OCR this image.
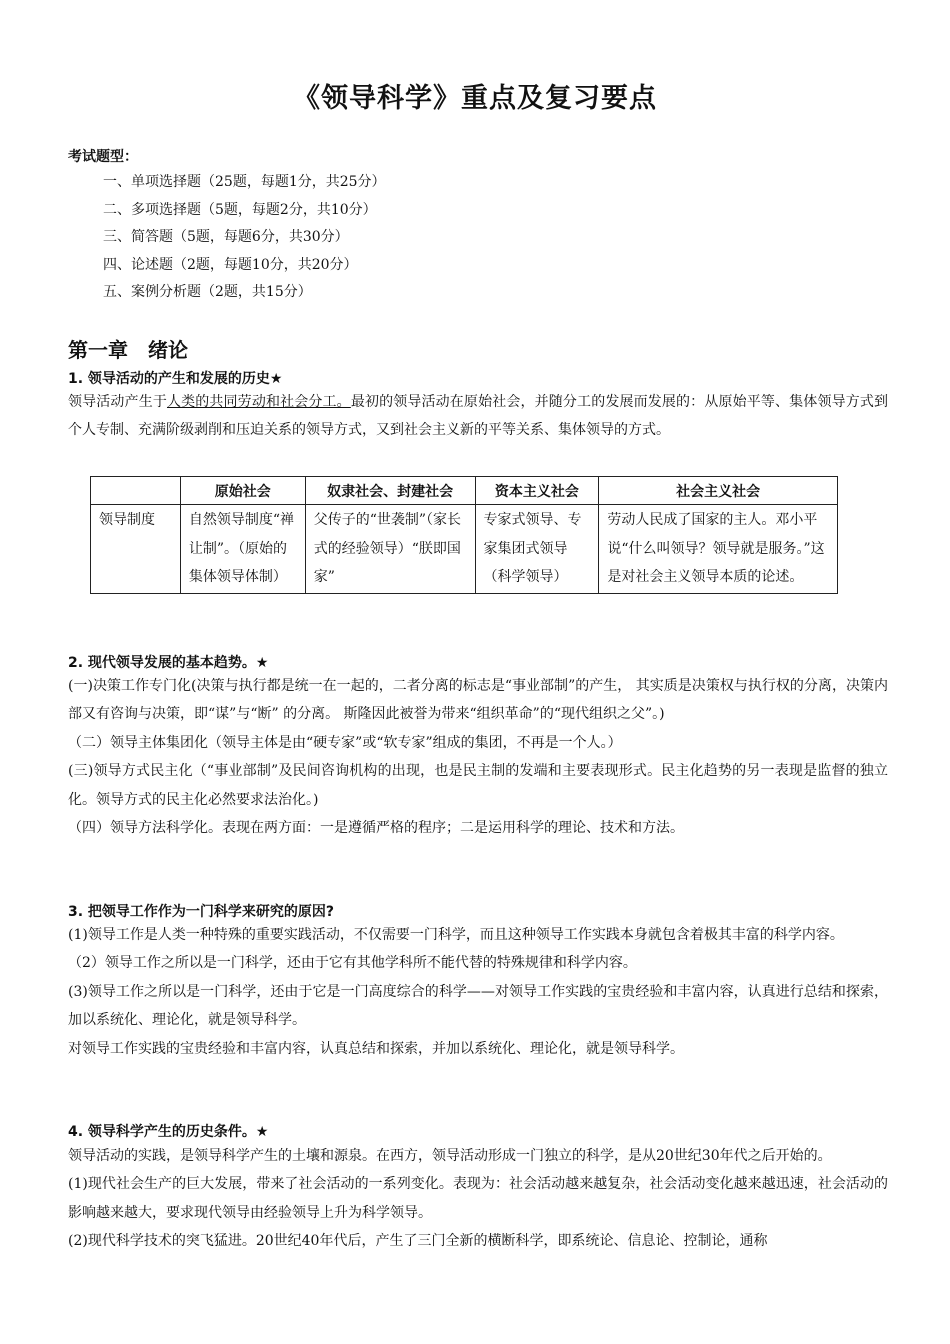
《领导科学》重点及复习要点
考试题型：
一、单项选择题（25题，每题1分，共25分）
二、多项选择题（5题，每题2分，共10分）
三、简答题（5题，每题6分，共30分）
四、论述题（2题，每题10分，共20分）
五、案例分析题（2题，共15分）
第一章　绪论
1. 领导活动的产生和发展的历史★

领导活动产生于人类的共同劳动和社会分工。最初的领导活动在原始社会，并随分工的发展而发展的：从原始平等、集体领导方式到个人专制、充满阶级剥削和压迫关系的领导方式，又到社会主义新的平等关系、集体领导的方式。

	原始社会	奴隶社会、封建社会	资本主义社会	社会主义社会
领导制度	自然领导制度“禅让制”。（原始的集体领导体制）	父传子的“世袭制”（家长式的经验领导）“朕即国家”	专家式领导、专家集团式领导（科学领导）	劳动人民成了国家的主人。邓小平说“什么叫领导？领导就是服务。”这是对社会主义领导本质的论述。
2. 现代领导发展的基本趋势。★

(一)决策工作专门化(决策与执行都是统一在一起的，二者分离的标志是“事业部制”的产生， 其实质是决策权与执行权的分离，决策内部又有咨询与决策，即“谋”与“断” 的分离。 斯隆因此被誉为带来“组织革命”的“现代组织之父”。)

（二）领导主体集团化（领导主体是由“硬专家”或“软专家”组成的集团，不再是一个人。）

(三)领导方式民主化（“事业部制”及民间咨询机构的出现，也是民主制的发端和主要表现形式。民主化趋势的另一表现是监督的独立化。领导方式的民主化必然要求法治化。)

（四）领导方法科学化。表现在两方面：一是遵循严格的程序；二是运用科学的理论、技术和方法。

3. 把领导工作作为一门科学来研究的原因?

(1)领导工作是人类一种特殊的重要实践活动，不仅需要一门科学，而且这种领导工作实践本身就包含着极其丰富的科学内容。

（2）领导工作之所以是一门科学，还由于它有其他学科所不能代替的特殊规律和科学内容。

(3)领导工作之所以是一门科学，还由于它是一门高度综合的科学——对领导工作实践的宝贵经验和丰富内容，认真进行总结和探索，加以系统化、理论化，就是领导科学。

对领导工作实践的宝贵经验和丰富内容，认真总结和探索，并加以系统化、理论化，就是领导科学。

4. 领导科学产生的历史条件。★

领导活动的实践，是领导科学产生的土壤和源泉。在西方，领导活动形成一门独立的科学，是从20世纪30年代之后开始的。

(1)现代社会生产的巨大发展，带来了社会活动的一系列变化。表现为：社会活动越来越复杂，社会活动变化越来越迅速，社会活动的影响越来越大，要求现代领导由经验领导上升为科学领导。

(2)现代科学技术的突飞猛进。20世纪40年代后，产生了三门全新的横断科学，即系统论、信息论、控制论，通称
